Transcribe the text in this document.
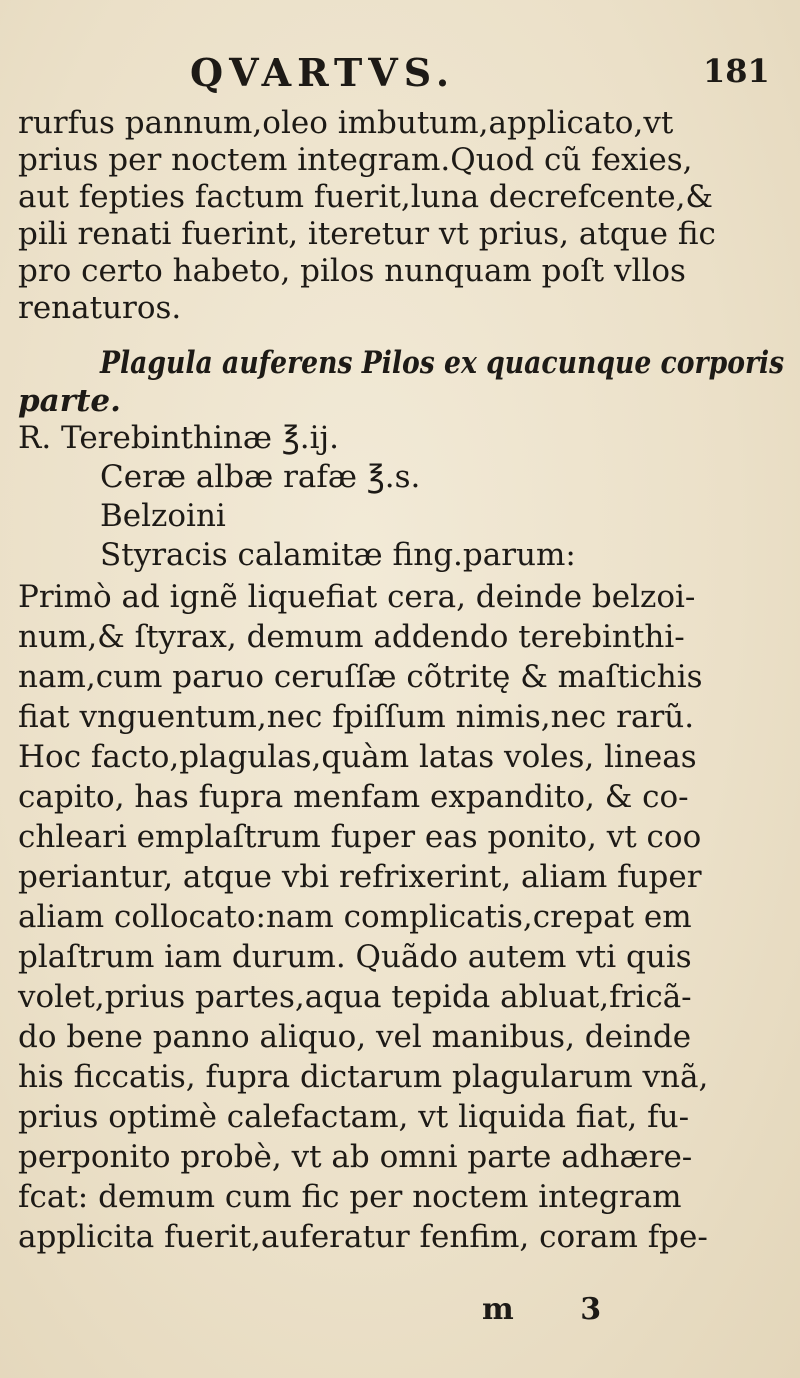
QVARTVS.	181
rurfus pannum,oleo imbutum,applicato,vt
prius per noctem integram.Quod cũ fexies,
aut fepties factum fuerit,luna decrefcente,&
pili renati fuerint, iteretur vt prius, atque fic
pro certo habeto, pilos nunquam poſt vllos
renaturos.
Plagula auferens Pilos ex quacunque corporis
parte.
R. Terebinthinæ ℥.ij.
Ceræ albæ rafæ ℥.s.
Belzoini
Styracis calamitæ fing.parum:
Primò ad ignẽ liquefiat cera, deinde belzoi-
num,& ſtyrax, demum addendo terebinthi-
nam,cum paruo ceruſſæ cõtritę & maſtichis
fiat vnguentum,nec fpiſſum nimis,nec rarũ.
Hoc facto,plagulas,quàm latas voles, lineas
capito, has fupra menfam expandito, & co-
chleari emplaſtrum fuper eas ponito, vt coo
periantur, atque vbi refrixerint, aliam fuper
aliam collocato:nam complicatis,crepat em
plaſtrum iam durum. Quãdo autem vti quis
volet,prius partes,aqua tepida abluat,fricã-
do bene panno aliquo, vel manibus, deinde
his ficcatis, fupra dictarum plagularum vnã,
prius optimè calefactam, vt liquida fiat, fu-
perponito probè, vt ab omni parte adhære-
fcat: demum cum fic per noctem integram
applicita fuerit,auferatur fenfim, coram fpe-
m 3
